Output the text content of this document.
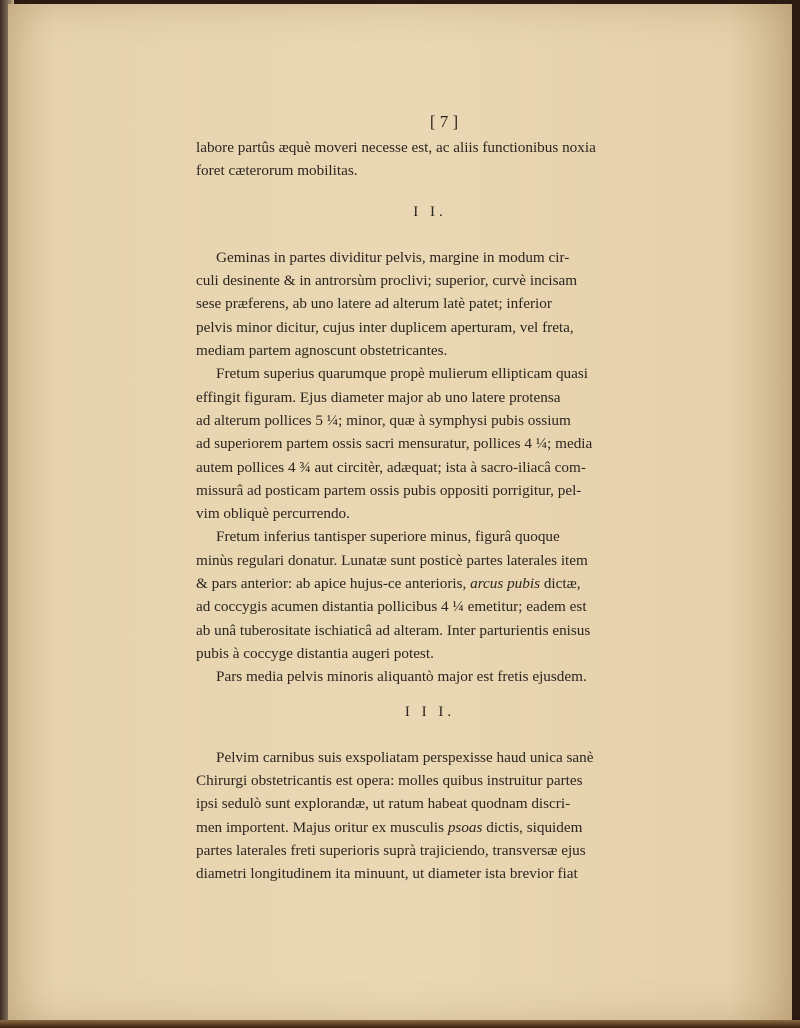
[ 7 ]

labore partûs æquè moveri necesse est, ac aliis functionibus noxia
foret cæterorum mobilitas.

I I.

Geminas in partes dividitur pelvis, margine in modum cir-
culi desinente & in antrorsùm proclivi; superior, curvè incisam
sese præferens, ab uno latere ad alterum latè patet; inferior
pelvis minor dicitur, cujus inter duplicem aperturam, vel freta,
mediam partem agnoscunt obstetricantes.

Fretum superius quarumque propè mulierum ellipticam quasi
effingit figuram. Ejus diameter major ab uno latere protensa
ad alterum pollices 5 ¼; minor, quæ à symphysi pubis ossium
ad superiorem partem ossis sacri mensuratur, pollices 4 ¼; media
autem pollices 4 ¾ aut circitèr, adæquat; ista à sacro-iliacâ com-
missurâ ad posticam partem ossis pubis oppositi porrigitur, pel-
vim obliquè percurrendo.

Fretum inferius tantisper superiore minus, figurâ quoque
minùs regulari donatur. Lunatæ sunt posticè partes laterales item
& pars anterior: ab apice hujus-ce anterioris, arcus pubis dictæ,
ad coccygis acumen distantia pollicibus 4 ¼ emetitur; eadem est
ab unâ tuberositate ischiaticâ ad alteram. Inter parturientis enisus
pubis à coccyge distantia augeri potest.

Pars media pelvis minoris aliquantò major est fretis ejusdem.

I I I.

Pelvim carnibus suis exspoliatam perspexisse haud unica sanè
Chirurgi obstetricantis est opera: molles quibus instruitur partes
ipsi sedulò sunt explorandæ, ut ratum habeat quodnam discri-
men importent. Majus oritur ex musculis psoas dictis, siquidem
partes laterales freti superioris suprà trajiciendo, transversæ ejus
diametri longitudinem ita minuunt, ut diameter ista brevior fiat
